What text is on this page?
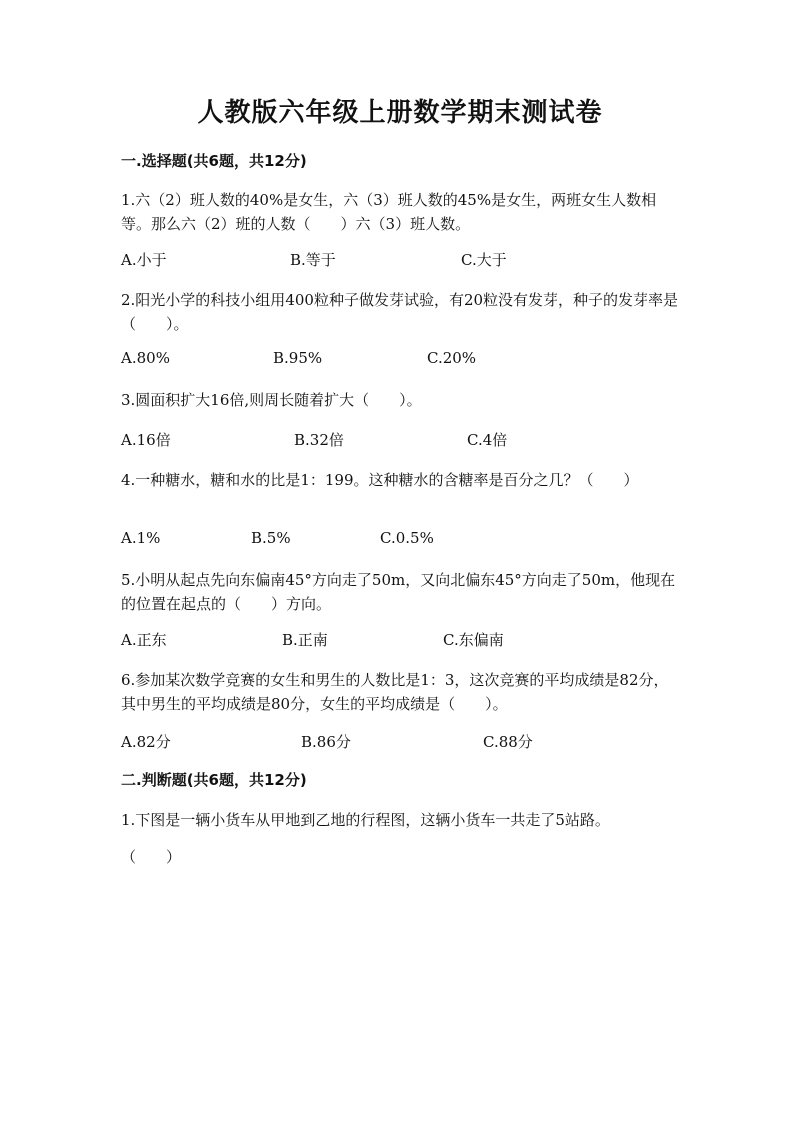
人教版六年级上册数学期末测试卷
一.选择题(共6题，共12分)
1.六（2）班人数的40%是女生，六（3）班人数的45%是女生，两班女生人数相等。那么六（2）班的人数（　　）六（3）班人数。
A.小于	B.等于	C.大于
2.阳光小学的科技小组用400粒种子做发芽试验，有20粒没有发芽，种子的发芽率是（　　）。
A.80%	B.95%	C.20%
3.圆面积扩大16倍,则周长随着扩大（　　）。
A.16倍	B.32倍	C.4倍
4.一种糖水，糖和水的比是1：199。这种糖水的含糖率是百分之几？（　　）
A.1%	B.5%	C.0.5%
5.小明从起点先向东偏南45°方向走了50m，又向北偏东45°方向走了50m，他现在的位置在起点的（　　）方向。
A.正东	B.正南	C.东偏南
6.参加某次数学竞赛的女生和男生的人数比是1：3，这次竞赛的平均成绩是82分，其中男生的平均成绩是80分，女生的平均成绩是（　　）。
A.82分	B.86分	C.88分
二.判断题(共6题，共12分)
1.下图是一辆小货车从甲地到乙地的行程图，这辆小货车一共走了5站路。
（　　）
